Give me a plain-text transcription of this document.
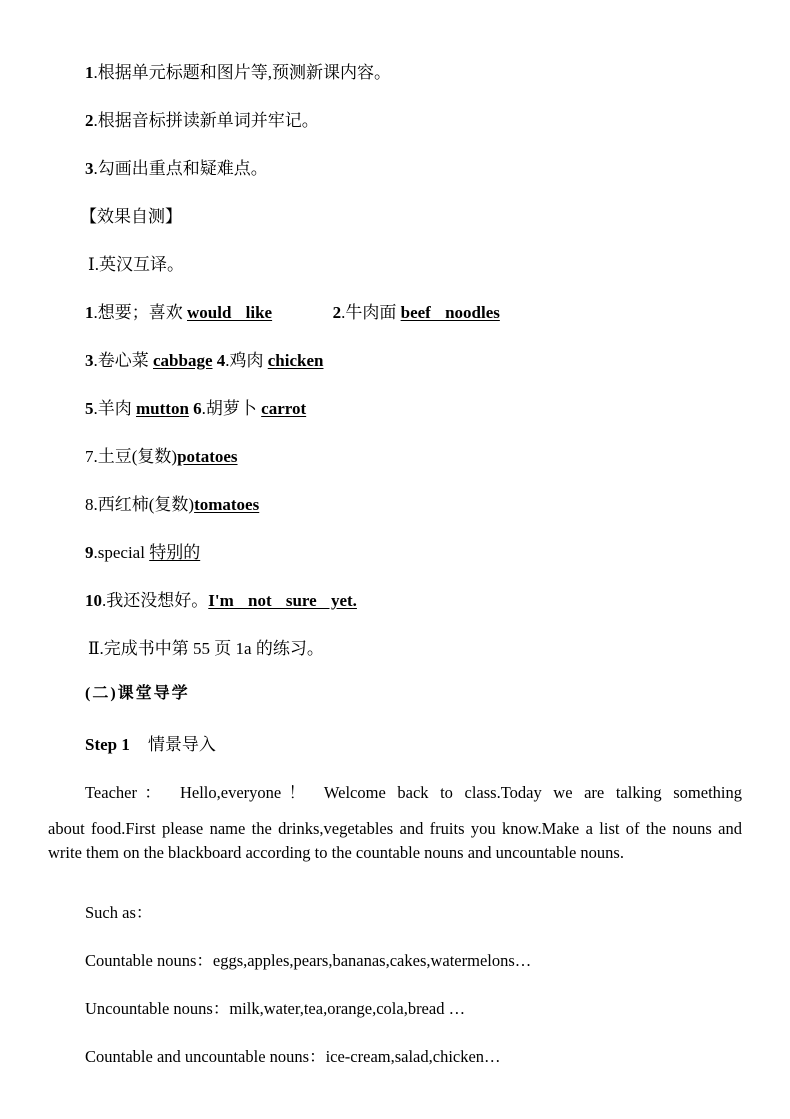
1.根据单元标题和图片等,预测新课内容。
2.根据音标拼读新单词并牢记。
3.勾画出重点和疑难点。
【效果自测】
Ⅰ.英汉互译。
1.想要；喜欢 would like	2.牛肉面 beef noodles
3.卷心菜 cabbage 4.鸡肉 chicken
5.羊肉 mutton 6.胡萝卜 carrot
7.土豆(复数)potatoes
8.西红柿(复数)tomatoes
9.special 特别的
10.我还没想好。I'm not sure yet.
Ⅱ.完成书中第 55 页 1a 的练习。
(二)课堂导学
Step 1 情景导入
Teacher： Hello,everyone！ Welcome back to class.Today we are talking something
about food.First please name the drinks,vegetables and fruits you know.Make a list of the nouns and write them on the blackboard according to the countable nouns and uncountable nouns.
Such as：
Countable nouns：eggs,apples,pears,bananas,cakes,watermelons…
Uncountable nouns：milk,water,tea,orange,cola,bread …
Countable and uncountable nouns：ice-cream,salad,chicken…
